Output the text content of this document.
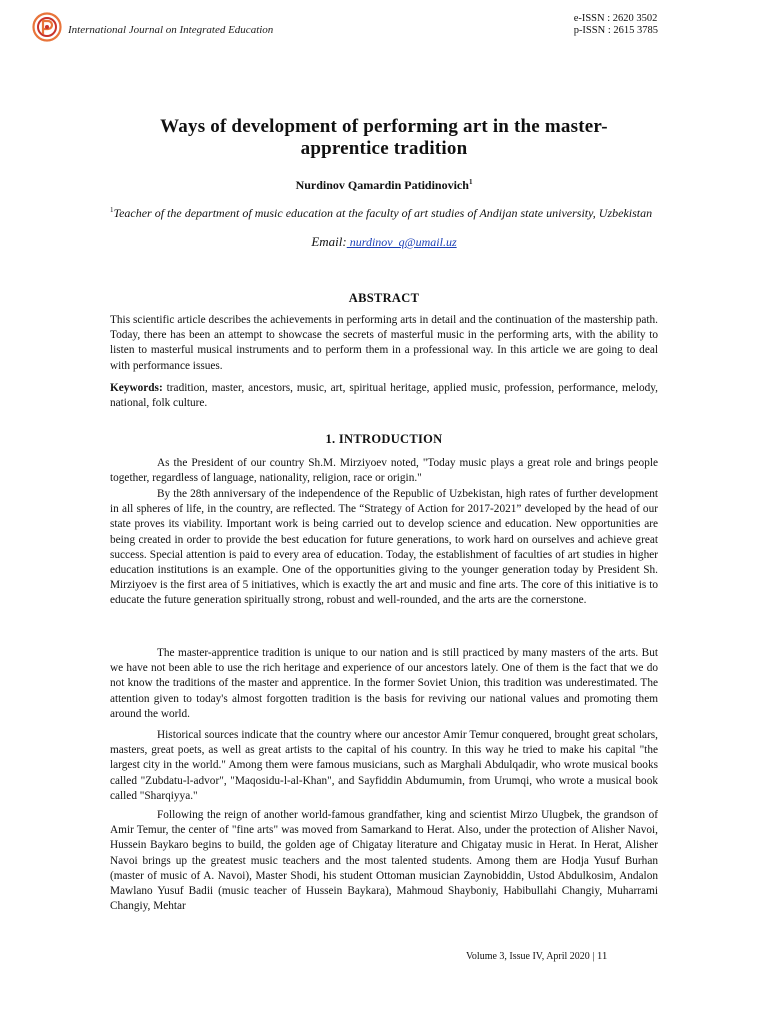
International Journal on Integrated Education
e-ISSN : 2620 3502
p-ISSN : 2615 3785
Ways of development of performing art in the master-
apprentice tradition
Nurdinov Qamardin Patidinovich$^1$
$^1$Teacher of the department of music education at the faculty of art studies of Andijan state university, Uzbekistan
Email: nurdinov_q@umail.uz
ABSTRACT

This scientific article describes the achievements in performing arts in detail and the continuation of the mastership path. Today, there has been an attempt to showcase the secrets of masterful music in the performing arts, with the ability to listen to masterful musical instruments and to perform them in a professional way. In this article we are going to deal with performance issues.

Keywords: tradition, master, ancestors, music, art, spiritual heritage, applied music, profession, performance, melody, national, folk culture.

1. INTRODUCTION

As the President of our country Sh.M. Mirziyoev noted, "Today music plays a great role and brings people together, regardless of language, nationality, religion, race or origin."

By the 28th anniversary of the independence of the Republic of Uzbekistan, high rates of further development in all spheres of life, in the country, are reflected. The “Strategy of Action for 2017-2021” developed by the head of our state proves its viability. Important work is being carried out to develop science and education. New opportunities are being created in order to provide the best education for future generations, to work hard on ourselves and achieve great success. Special attention is paid to every area of education. Today, the establishment of faculties of art studies in higher education institutions is an example. One of the opportunities giving to the younger generation today by President Sh. Mirziyoev is the first area of 5 initiatives, which is exactly the art and music and fine arts. The core of this initiative is to educate the future generation spiritually strong, robust and well-rounded, and the arts are the cornerstone.

The master-apprentice tradition is unique to our nation and is still practiced by many masters of the arts. But we have not been able to use the rich heritage and experience of our ancestors lately. One of them is the fact that we do not know the traditions of the master and apprentice. In the former Soviet Union, this tradition was underestimated. The attention given to today's almost forgotten tradition is the basis for reviving our national values and promoting them around the world.

Historical sources indicate that the country where our ancestor Amir Temur conquered, brought great scholars, masters, great poets, as well as great artists to the capital of his country. In this way he tried to make his capital "the largest city in the world." Among them were famous musicians, such as Marghali Abdulqadir, who wrote musical books called "Zubdatu-l-advor", "Maqosidu-l-al-Khan", and Sayfiddin Abdumumin, from Urumqi, who wrote a musical book called "Sharqiyya."

Following the reign of another world-famous grandfather, king and scientist Mirzo Ulugbek, the grandson of Amir Temur, the center of "fine arts" was moved from Samarkand to Herat. Also, under the protection of Alisher Navoi, Hussein Baykaro begins to build, the golden age of Chigatay literature and Chigatay music in Herat. In Herat, Alisher Navoi brings up the greatest music teachers and the most talented students. Among them are Hodja Yusuf Burhan (master of music of A. Navoi), Master Shodi, his student Ottoman musician Zaynobiddin, Ustod Abdulkosim, Andalon Mawlano Yusuf Badii (music teacher of Hussein Baykara), Mahmoud Shayboniy, Habibullahi Changiy, Muharrami Changiy, Mehtar

Volume 3, Issue IV, April 2020 | 11
